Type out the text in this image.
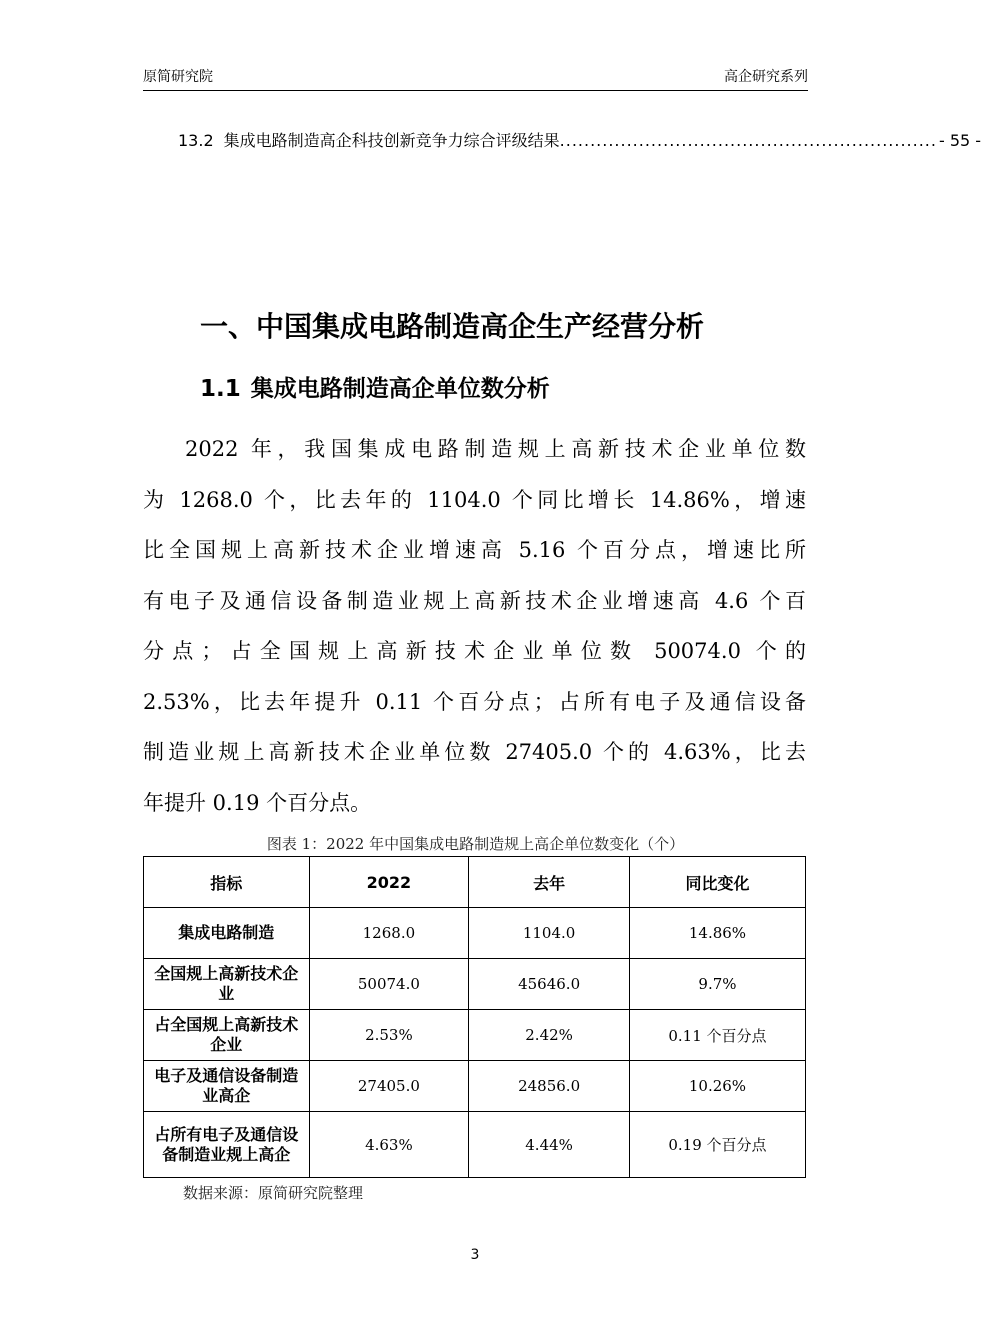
原简研究院	高企研究系列
13.2 集成电路制造高企科技创新竞争力综合评级结果 .............................................................. - 55 -
一、中国集成电路制造高企生产经营分析
1.1 集成电路制造高企单位数分析
2022 年，我国集成电路制造规上高新技术企业单位数
为 1268.0 个，比去年的 1104.0 个同比增长 14.86%，增速
比全国规上高新技术企业增速高 5.16 个百分点，增速比所
有电子及通信设备制造业规上高新技术企业增速高 4.6 个百
分点；占全国规上高新技术企业单位数 50074.0 个的
2.53%，比去年提升 0.11 个百分点；占所有电子及通信设备
制造业规上高新技术企业单位数 27405.0 个的 4.63%，比去
年提升 0.19 个百分点。
图表 1：2022 年中国集成电路制造规上高企单位数变化（个）
指标	2022	去年	同比变化
集成电路制造	1268.0	1104.0	14.86%
全国规上高新技术企业	50074.0	45646.0	9.7%
占全国规上高新技术企业	2.53%	2.42%	0.11 个百分点
电子及通信设备制造业高企	27405.0	24856.0	10.26%
占所有电子及通信设备制造业规上高企	4.63%	4.44%	0.19 个百分点
数据来源：原简研究院整理
3
